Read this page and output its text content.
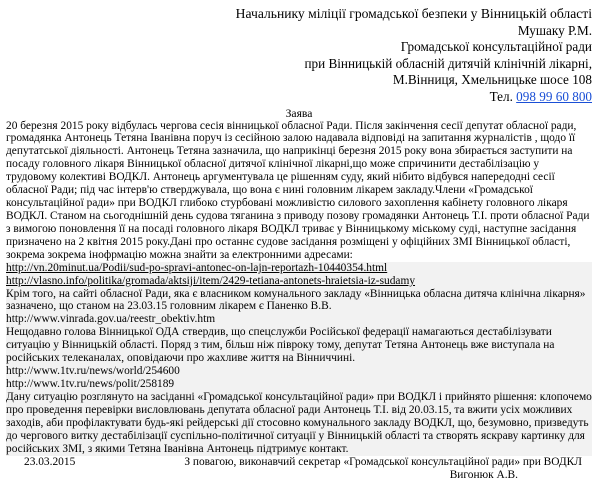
Начальнику міліції громадської безпеки у Вінницькій області
Мушаку Р.М.
Громадської консультаційної ради
при Вінницькій обласній дитячій клінічній лікарні,
М.Вінниця, Хмельницьке шосе 108
Тел. 098 99 60 800
Заява

20 березня 2015 року відбулась чергова сесія вінницької обласної Ради. Після закінчення сесії депутат обласної ради, громадянка Антонець Тетяна Іванівна поруч із сесійною залою надавала відповіді на запитання журналістів , щодо її депутатської діяльності. Антонець Тетяна зазначила, що наприкінці березня 2015 року вона збирається заступити на посаду головного лікаря Вінницької обласної дитячої клінічної лікарні,що може спричинити дестабілізацію у трудовому колективі ВОДКЛ. Антонець аргументувала це рішенням суду, який нібито відбувся напередодні сесії обласної Ради; під час інтерв'ю стверджувала, що вона є нині головним лікарем закладу.Члени «Громадської консультаційної ради» при ВОДКЛ глибоко стурбовані можливістю силового захоплення кабінету головного лікаря ВОДКЛ. Станом на сьогоднішній день судова тяганина з приводу позову громадянки Антонець Т.І. проти обласної Ради з вимогою поновлення її на посаді головного лікаря ВОДКЛ триває у Вінницькому міському суді, наступне засідання призначено на 2 квітня 2015 року.Дані про останнє судове засідання розміщені у офіційних ЗМІ Вінницької області, зокрема зокрема інофрмацію можна знайти за електронними адресами:

http://vn.20minut.ua/Podii/sud-po-spravi-antonec-on-lajn-reportazh-10440354.html
http://vlasno.info/politika/gromada/aktsiji/item/2429-tetiana-antonets-hraietsia-iz-sudamy

Крім того, на сайті обласної Ради, яка є власником комунального закладу «Вінницька обласна дитяча клінічна лікарня» зазначено, що станом на 23.03.15 головним лікарем є Паненко В.В.

http://www.vinrada.gov.ua/reestr_obektiv.htm

Нещодавно голова Вінницької ОДА ствердив, що спецслужби Російської федерації намагаються дестабілізувати ситуацію у Вінницькій області. Поряд з тим, більш ніж півроку тому, депутат Тетяна Антонець вже виступала на російських телеканалах, оповідаючи про жахливе життя на Вінниччині.

http://www.1tv.ru/news/world/254600
http://www.1tv.ru/news/polit/258189

Дану ситуацію розглянуто на засіданні «Громадської консультаційної ради» при ВОДКЛ і прийнято рішення: клопочемо про проведення перевірки висловлювань депутата обласної ради Антонець Т.І. від 20.03.15, та вжити усіх можливих заходів, аби профілактувати будь-які рейдерські дії стосовно комунального закладу ВОДКЛ, що, безумовно, призведуть до чергового витку дестабілізації суспільно-політичної ситуації у Вінницькій області та створять яскраву картинку для російських ЗМІ, з якими Тетяна Іванівна Антонець підтримує контакт.

23.03.2015	З повагою, виконавчий секретар «Громадської консультаційної ради» при ВОДКЛ
Вигонюк А.В.
